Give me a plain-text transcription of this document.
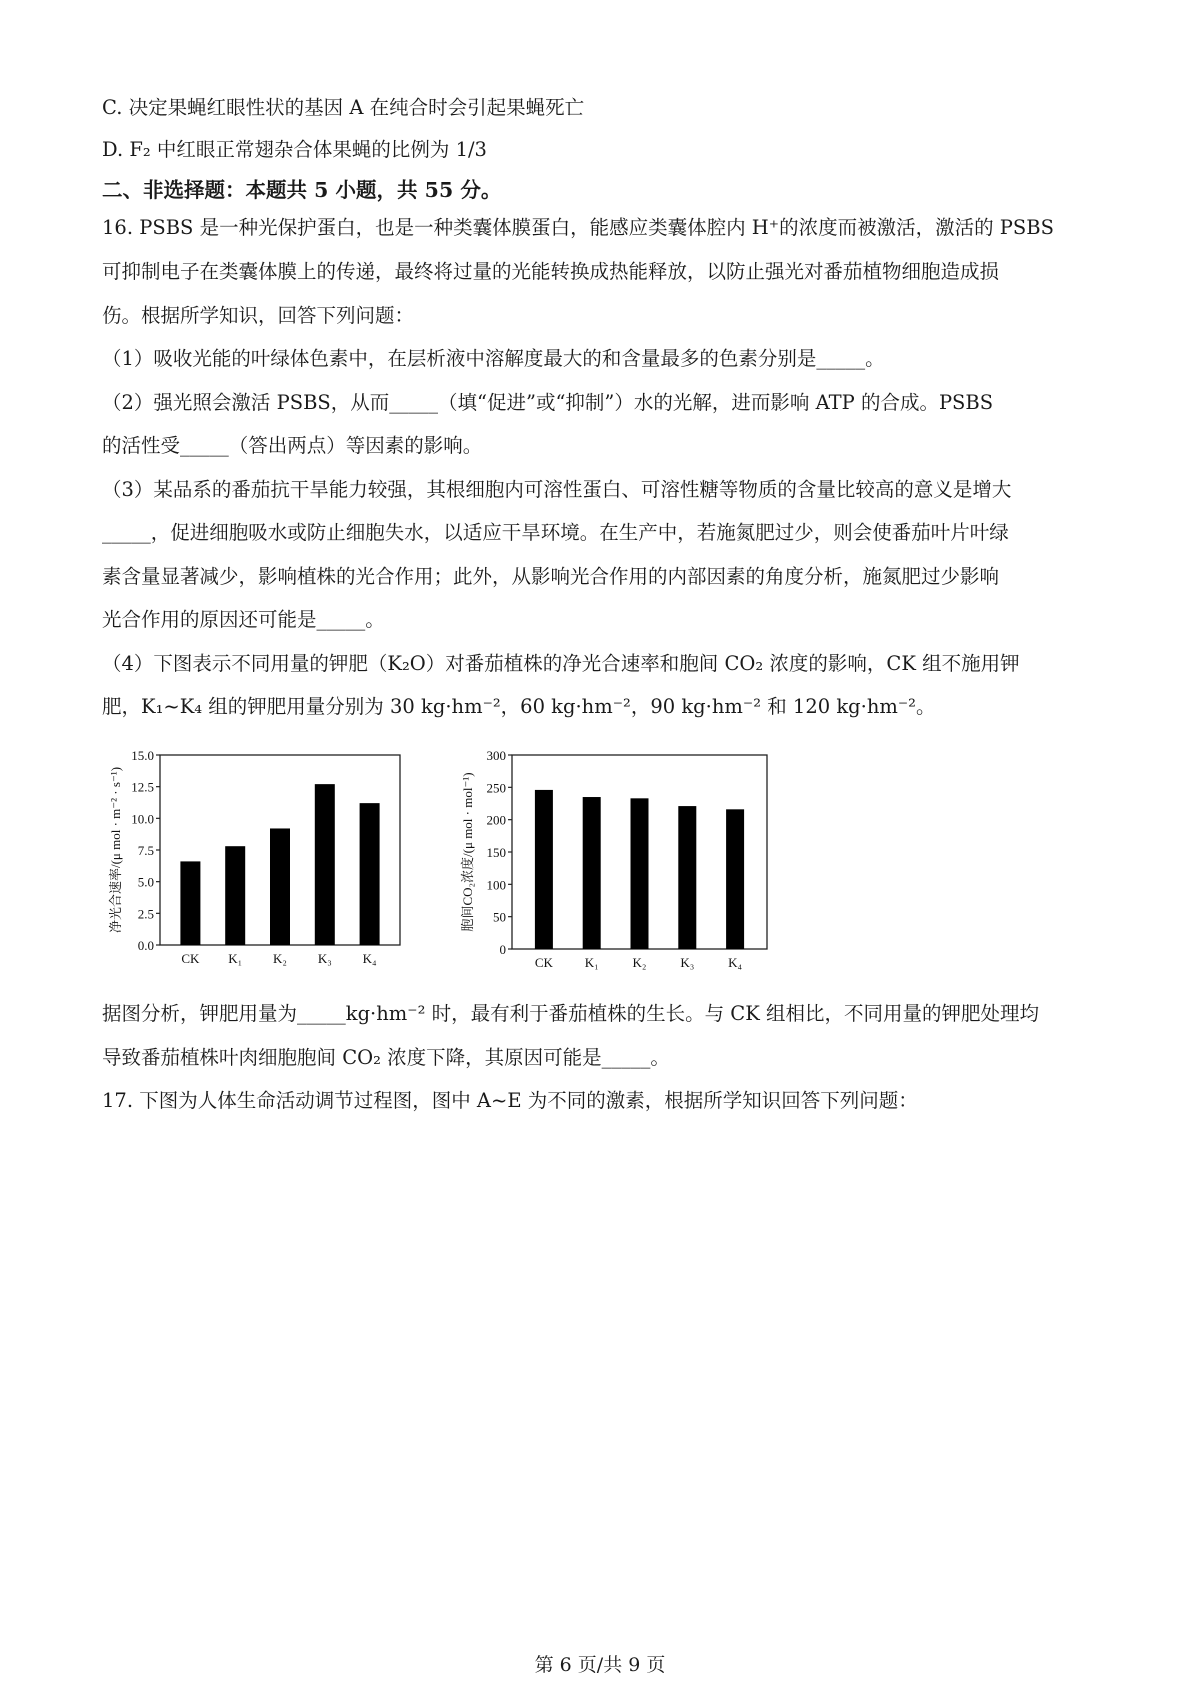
C. 决定果蝇红眼性状的基因 A 在纯合时会引起果蝇死亡
D. F₂ 中红眼正常翅杂合体果蝇的比例为 1/3
二、非选择题：本题共 5 小题，共 55 分。
16. PSBS 是一种光保护蛋白，也是一种类囊体膜蛋白，能感应类囊体腔内 H⁺的浓度而被激活，激活的 PSBS
可抑制电子在类囊体膜上的传递，最终将过量的光能转换成热能释放，以防止强光对番茄植物细胞造成损
伤。根据所学知识，回答下列问题：
（1）吸收光能的叶绿体色素中，在层析液中溶解度最大的和含量最多的色素分别是_____。
（2）强光照会激活 PSBS，从而_____（填“促进”或“抑制”）水的光解，进而影响 ATP 的合成。PSBS
的活性受_____（答出两点）等因素的影响。
（3）某品系的番茄抗干旱能力较强，其根细胞内可溶性蛋白、可溶性糖等物质的含量比较高的意义是增大
_____，促进细胞吸水或防止细胞失水，以适应干旱环境。在生产中，若施氮肥过少，则会使番茄叶片叶绿
素含量显著减少，影响植株的光合作用；此外，从影响光合作用的内部因素的角度分析，施氮肥过少影响
光合作用的原因还可能是_____。
（4）下图表示不同用量的钾肥（K₂O）对番茄植株的净光合速率和胞间 CO₂ 浓度的影响，CK 组不施用钾
肥，K₁~K₄ 组的钾肥用量分别为 30 kg·hm⁻²，60 kg·hm⁻²，90 kg·hm⁻² 和 120 kg·hm⁻²。
0.0
2.5
5.0
7.5
10.0
12.5
15.0
CK K₁ K₂ K₃ K₄
净光合速率/(μ mol · m⁻² · s⁻¹)
0
50
100
150
200
250
300
CK K₁	K₂	K₃	K₄
胞间CO₂浓度/(μ mol · mol⁻¹)
据图分析，钾肥用量为_____kg·hm⁻² 时，最有利于番茄植株的生长。与 CK 组相比，不同用量的钾肥处理均
导致番茄植株叶肉细胞胞间 CO₂ 浓度下降，其原因可能是_____。
17. 下图为人体生命活动调节过程图，图中 A~E 为不同的激素，根据所学知识回答下列问题：
第 6 页/共 9 页
